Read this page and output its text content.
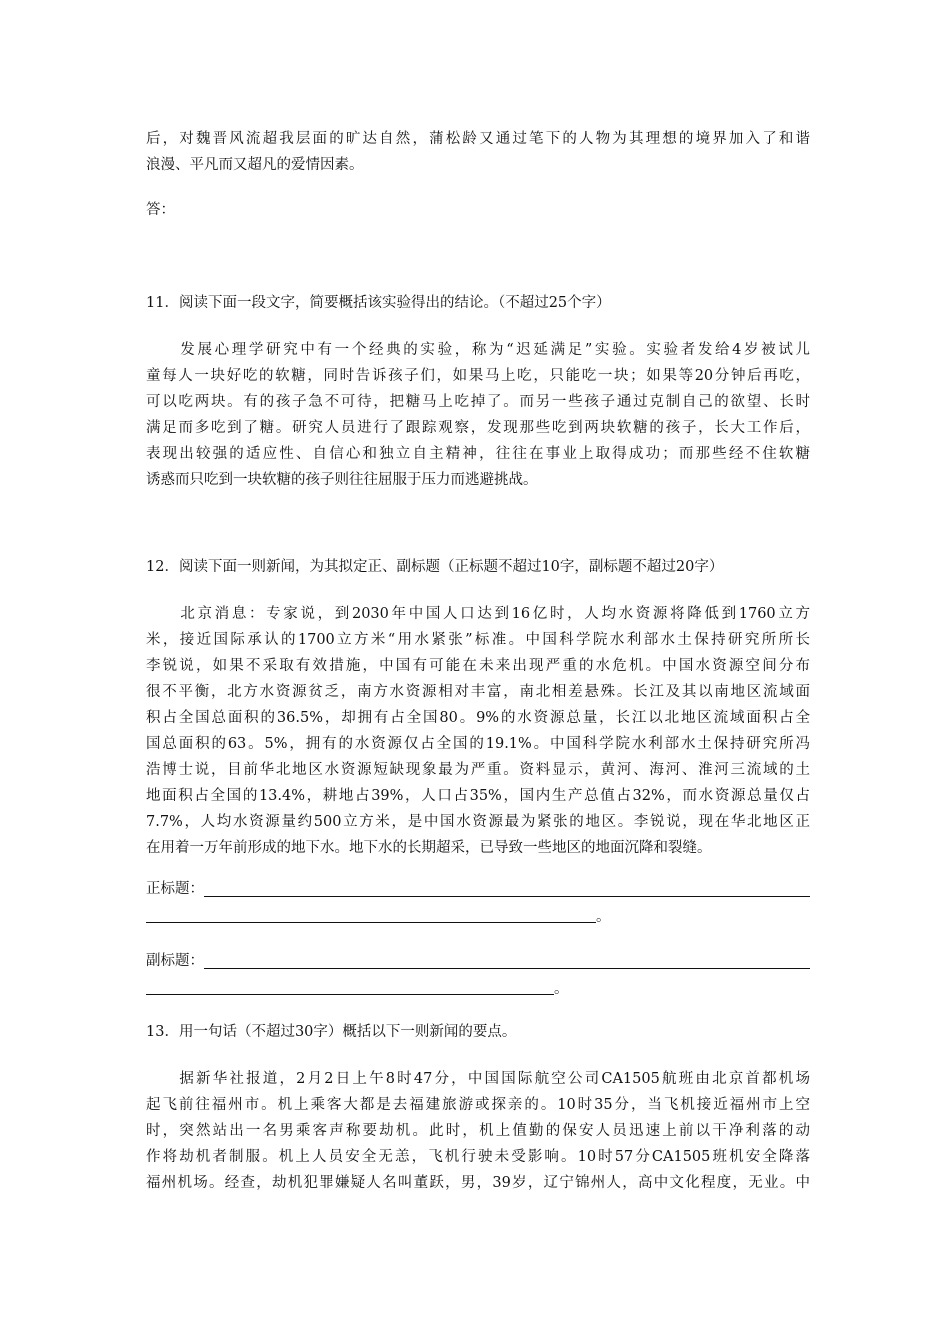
后，对魏晋风流超我层面的旷达自然，蒲松龄又通过笔下的人物为其理想的境界加入了和谐
浪漫、平凡而又超凡的爱情因素。
答：
11．阅读下面一段文字，简要概括该实验得出的结论。（不超过25个字）
　　发展心理学研究中有一个经典的实验，称为“迟延满足”实验。实验者发给4岁被试儿
童每人一块好吃的软糖，同时告诉孩子们，如果马上吃，只能吃一块；如果等20分钟后再吃，
可以吃两块。有的孩子急不可待，把糖马上吃掉了。而另一些孩子通过克制自己的欲望、长时
满足而多吃到了糖。研究人员进行了跟踪观察，发现那些吃到两块软糖的孩子，长大工作后，
表现出较强的适应性、自信心和独立自主精神，往往在事业上取得成功；而那些经不住软糖
诱惑而只吃到一块软糖的孩子则往往屈服于压力而逃避挑战。
12．阅读下面一则新闻，为其拟定正、副标题（正标题不超过10字，副标题不超过20字）
　　北京消息：专家说，到2030年中国人口达到16亿时，人均水资源将降低到1760立方
米，接近国际承认的1700立方米“用水紧张”标准。中国科学院水利部水土保持研究所所长
李锐说，如果不采取有效措施，中国有可能在未来出现严重的水危机。中国水资源空间分布
很不平衡，北方水资源贫乏，南方水资源相对丰富，南北相差悬殊。长江及其以南地区流域面
积占全国总面积的36.5%，却拥有占全国80。9%的水资源总量，长江以北地区流域面积占全
国总面积的63。5%，拥有的水资源仅占全国的19.1%。中国科学院水利部水土保持研究所冯
浩博士说，目前华北地区水资源短缺现象最为严重。资料显示，黄河、海河、淮河三流域的土
地面积占全国的13.4%，耕地占39%，人口占35%，国内生产总值占32%，而水资源总量仅占
7.7%，人均水资源量约500立方米，是中国水资源最为紧张的地区。李锐说，现在华北地区正
在用着一万年前形成的地下水。地下水的长期超采，已导致一些地区的地面沉降和裂缝。
正标题：
。
副标题：
。
13．用一句话（不超过30字）概括以下一则新闻的要点。
　　据新华社报道，2月2日上午8时47分，中国国际航空公司CA1505航班由北京首都机场
起飞前往福州市。机上乘客大都是去福建旅游或探亲的。10时35分，当飞机接近福州市上空
时，突然站出一名男乘客声称要劫机。此时，机上值勤的保安人员迅速上前以干净利落的动
作将劫机者制服。机上人员安全无恙，飞机行驶未受影响。10时57分CA1505班机安全降落
福州机场。经查，劫机犯罪嫌疑人名叫董跃，男，39岁，辽宁锦州人，高中文化程度，无业。中
